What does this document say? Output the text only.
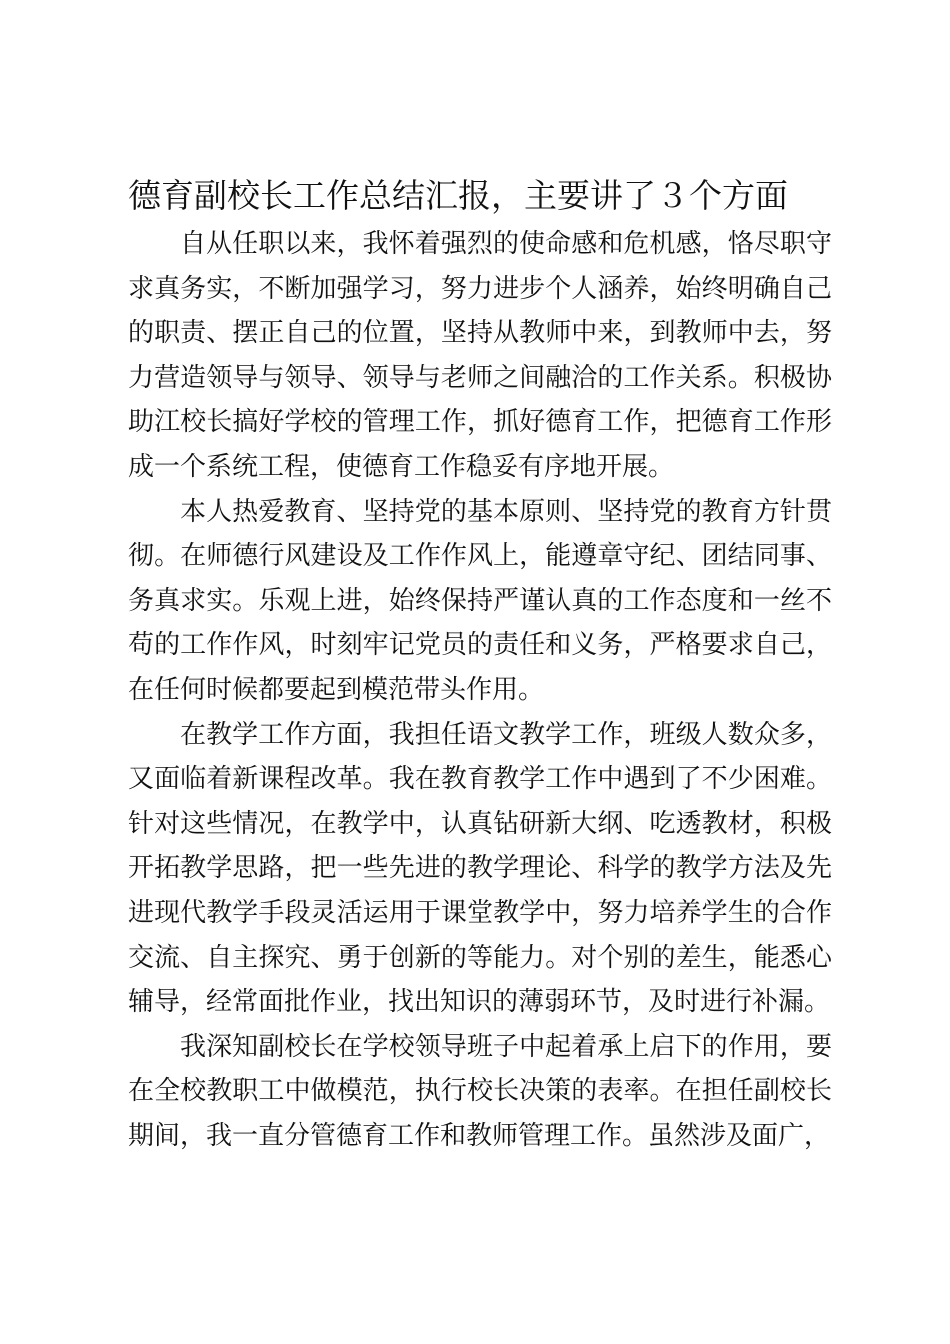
德育副校长工作总结汇报，主要讲了３个方面

自从任职以来，我怀着强烈的使命感和危机感，恪尽职守求真务实，不断加强学习，努力进步个人涵养，始终明确自己的职责、摆正自己的位置，坚持从教师中来，到教师中去，努力营造领导与领导、领导与老师之间融洽的工作关系。积极协助江校长搞好学校的管理工作，抓好德育工作，把德育工作形成一个系统工程，使德育工作稳妥有序地开展。

本人热爱教育、坚持党的基本原则、坚持党的教育方针贯彻。在师德行风建设及工作作风上，能遵章守纪、团结同事、务真求实。乐观上进，始终保持严谨认真的工作态度和一丝不苟的工作作风，时刻牢记党员的责任和义务，严格要求自己，在任何时候都要起到模范带头作用。

在教学工作方面，我担任语文教学工作，班级人数众多，又面临着新课程改革。我在教育教学工作中遇到了不少困难。针对这些情况，在教学中，认真钻研新大纲、吃透教材，积极开拓教学思路，把一些先进的教学理论、科学的教学方法及先进现代教学手段灵活运用于课堂教学中，努力培养学生的合作交流、自主探究、勇于创新的等能力。对个别的差生，能悉心辅导，经常面批作业，找出知识的薄弱环节，及时进行补漏。

我深知副校长在学校领导班子中起着承上启下的作用，要在全校教职工中做模范，执行校长决策的表率。在担任副校长期间，我一直分管德育工作和教师管理工作。虽然涉及面广，
